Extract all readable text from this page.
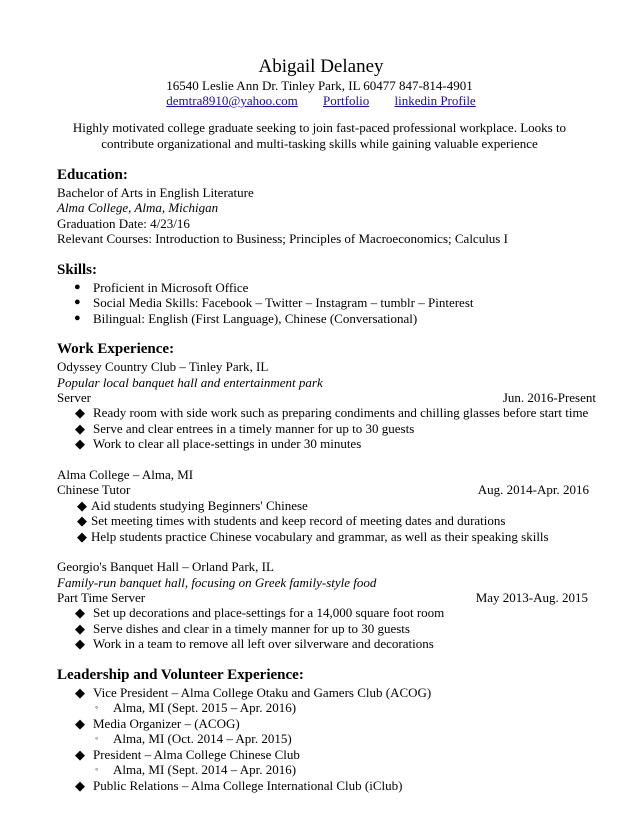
Abigail Delaney
16540 Leslie Ann Dr. Tinley Park, IL 60477 847-814-4901
demtra8910@yahoo.com Portfolio linkedin Profile
Highly motivated college graduate seeking to join fast-paced professional workplace. Looks to contribute organizational and multi-tasking skills while gaining valuable experience
Education:
Bachelor of Arts in English Literature
Alma College, Alma, Michigan
Graduation Date: 4/23/16
Relevant Courses: Introduction to Business; Principles of Macroeconomics; Calculus I
Skills:
● Proficient in Microsoft Office
● Social Media Skills: Facebook – Twitter – Instagram – tumblr – Pinterest
● Bilingual: English (First Language), Chinese (Conversational)
Work Experience:
Odyssey Country Club – Tinley Park, IL
Popular local banquet hall and entertainment park
Server	Jun. 2016-Present
◆ Ready room with side work such as preparing condiments and chilling glasses before start time
◆ Serve and clear entrees in a timely manner for up to 30 guests
◆ Work to clear all place-settings in under 30 minutes
Alma College – Alma, MI
Chinese Tutor	Aug. 2014-Apr. 2016
◆ Aid students studying Beginners' Chinese
◆ Set meeting times with students and keep record of meeting dates and durations
◆ Help students practice Chinese vocabulary and grammar, as well as their speaking skills
Georgio's Banquet Hall – Orland Park, IL
Family-run banquet hall, focusing on Greek family-style food
Part Time Server	May 2013-Aug. 2015
◆ Set up decorations and place-settings for a 14,000 square foot room
◆ Serve dishes and clear in a timely manner for up to 30 guests
◆ Work in a team to remove all left over silverware and decorations
Leadership and Volunteer Experience:
◆ Vice President – Alma College Otaku and Gamers Club (ACOG)
◦ Alma, MI (Sept. 2015 – Apr. 2016)
◆ Media Organizer – (ACOG)
◦ Alma, MI (Oct. 2014 – Apr. 2015)
◆ President – Alma College Chinese Club
◦ Alma, MI (Sept. 2014 – Apr. 2016)
◆ Public Relations – Alma College International Club (iClub)
